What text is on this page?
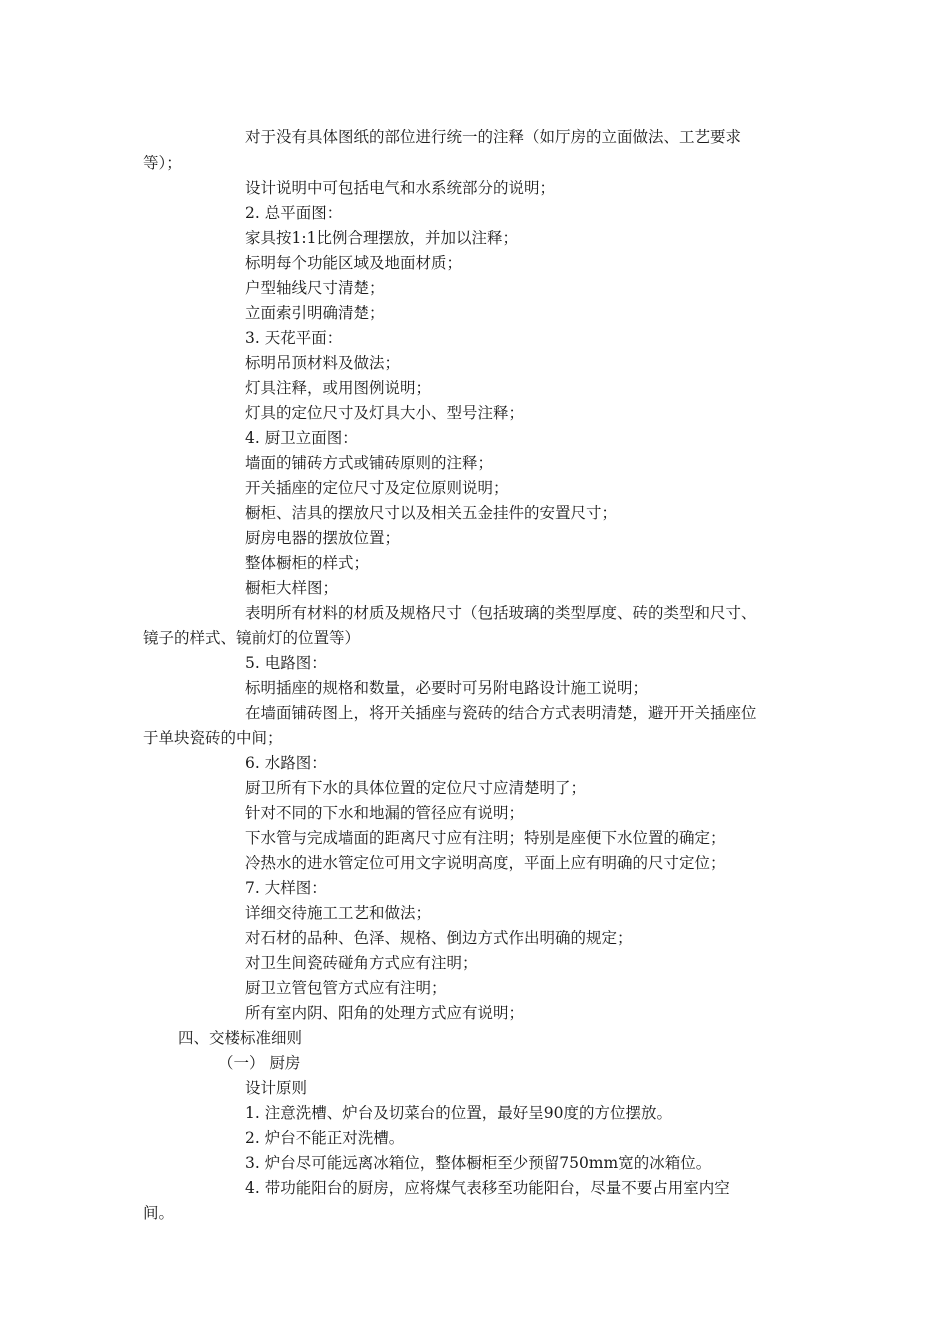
对于没有具体图纸的部位进行统一的注释（如厅房的立面做法、工艺要求
等）；
设计说明中可包括电气和水系统部分的说明；
2. 总平面图：
家具按1:1比例合理摆放，并加以注释；
标明每个功能区域及地面材质；
户型轴线尺寸清楚；
立面索引明确清楚；
3. 天花平面：
标明吊顶材料及做法；
灯具注释，或用图例说明；
灯具的定位尺寸及灯具大小、型号注释；
4. 厨卫立面图：
墙面的铺砖方式或铺砖原则的注释；
开关插座的定位尺寸及定位原则说明；
橱柜、洁具的摆放尺寸以及相关五金挂件的安置尺寸；
厨房电器的摆放位置；
整体橱柜的样式；
橱柜大样图；
表明所有材料的材质及规格尺寸（包括玻璃的类型厚度、砖的类型和尺寸、
镜子的样式、镜前灯的位置等）
5. 电路图：
标明插座的规格和数量，必要时可另附电路设计施工说明；
在墙面铺砖图上，将开关插座与瓷砖的结合方式表明清楚，避开开关插座位
于单块瓷砖的中间；
6. 水路图：
厨卫所有下水的具体位置的定位尺寸应清楚明了；
针对不同的下水和地漏的管径应有说明；
下水管与完成墙面的距离尺寸应有注明；特别是座便下水位置的确定；
冷热水的进水管定位可用文字说明高度，平面上应有明确的尺寸定位；
7. 大样图：
详细交待施工工艺和做法；
对石材的品种、色泽、规格、倒边方式作出明确的规定；
对卫生间瓷砖碰角方式应有注明；
厨卫立管包管方式应有注明；
所有室内阴、阳角的处理方式应有说明；
四、交楼标准细则
（一） 厨房
设计原则
1. 注意洗槽、炉台及切菜台的位置，最好呈90度的方位摆放。
2. 炉台不能正对洗槽。
3. 炉台尽可能远离冰箱位，整体橱柜至少预留750mm宽的冰箱位。
4. 带功能阳台的厨房，应将煤气表移至功能阳台，尽量不要占用室内空
间。
